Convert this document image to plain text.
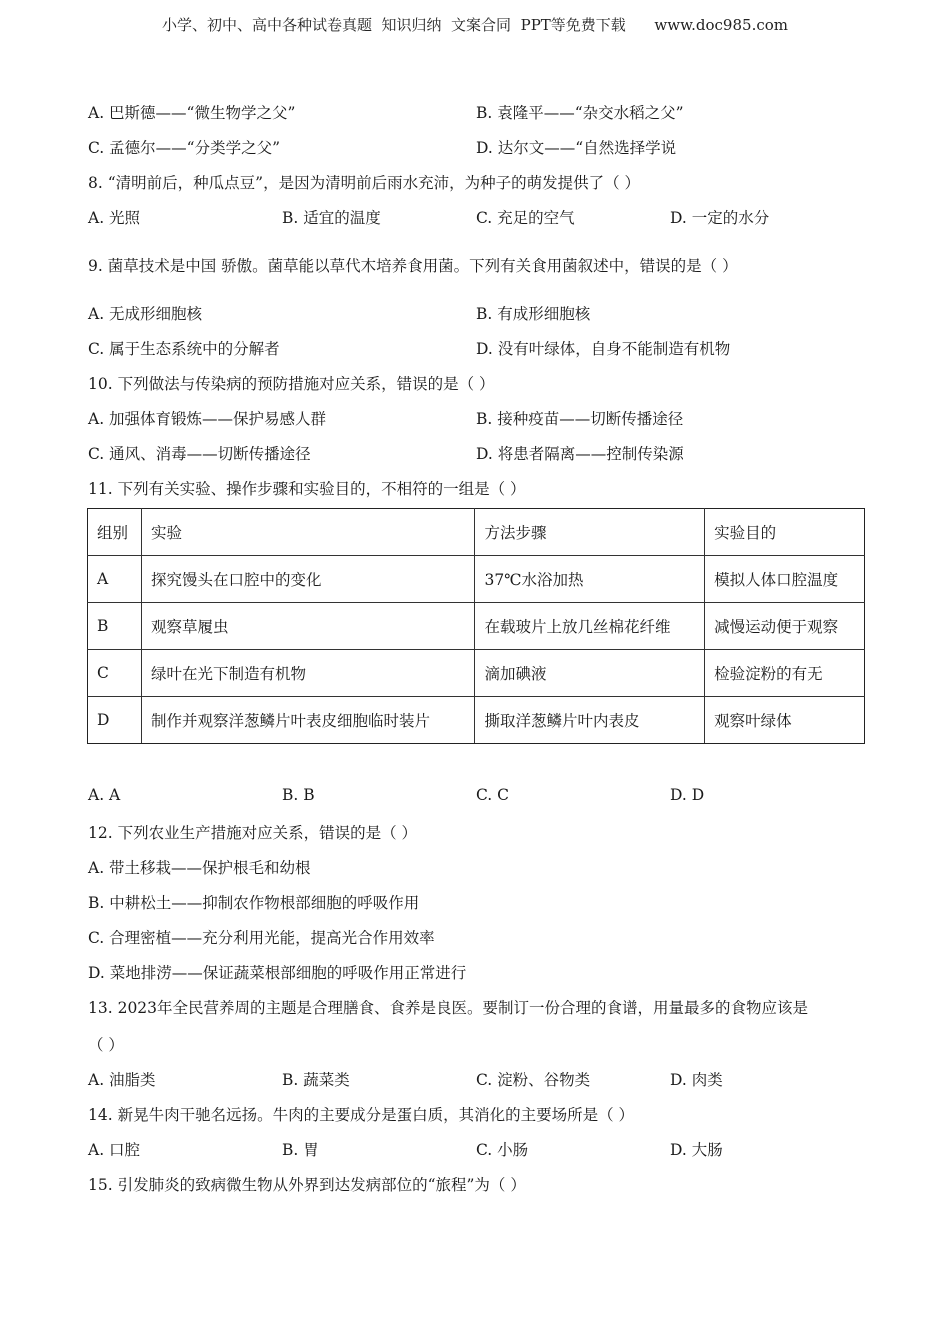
小学、初中、高中各种试卷真题  知识归纳  文案合同  PPT等免费下载      www.doc985.com
A. 巴斯德——“微生物学之父”	B. 袁隆平——“杂交水稻之父”
C. 孟德尔——“分类学之父”	D. 达尔文——“自然选择学说
8. “清明前后，种瓜点豆”，是因为清明前后雨水充沛，为种子的萌发提供了（ ）
A. 光照	B. 适宜的温度	C. 充足的空气	D. 一定的水分
9. 菌草技术是中国 骄傲。菌草能以草代木培养食用菌。下列有关食用菌叙述中，错误的是（ ）
A. 无成形细胞核	B. 有成形细胞核
C. 属于生态系统中的分解者	D. 没有叶绿体，自身不能制造有机物
10. 下列做法与传染病的预防措施对应关系，错误的是（ ）
A. 加强体育锻炼——保护易感人群	B. 接种疫苗——切断传播途径
C. 通风、消毒——切断传播途径	D. 将患者隔离——控制传染源
11. 下列有关实验、操作步骤和实验目的，不相符的一组是（ ）
组别	实验	方法步骤	实验目的
A	探究馒头在口腔中的变化	37℃水浴加热	模拟人体口腔温度
B	观察草履虫	在载玻片上放几丝棉花纤维	减慢运动便于观察
C	绿叶在光下制造有机物	滴加碘液	检验淀粉的有无
D	制作并观察洋葱鳞片叶表皮细胞临时装片	撕取洋葱鳞片叶内表皮	观察叶绿体
A. A	B. B	C. C	D. D
12. 下列农业生产措施对应关系，错误的是（ ）
A. 带土移栽——保护根毛和幼根
B. 中耕松土——抑制农作物根部细胞的呼吸作用
C. 合理密植——充分利用光能，提高光合作用效率
D. 菜地排涝——保证蔬菜根部细胞的呼吸作用正常进行
13. 2023年全民营养周的主题是合理膳食、食养是良医。要制订一份合理的食谱，用量最多的食物应该是
（ ）
A. 油脂类	B. 蔬菜类	C. 淀粉、谷物类	D. 肉类
14. 新晃牛肉干驰名远扬。牛肉的主要成分是蛋白质，其消化的主要场所是（ ）
A. 口腔	B. 胃	C. 小肠	D. 大肠
15. 引发肺炎的致病微生物从外界到达发病部位的“旅程”为（ ）
